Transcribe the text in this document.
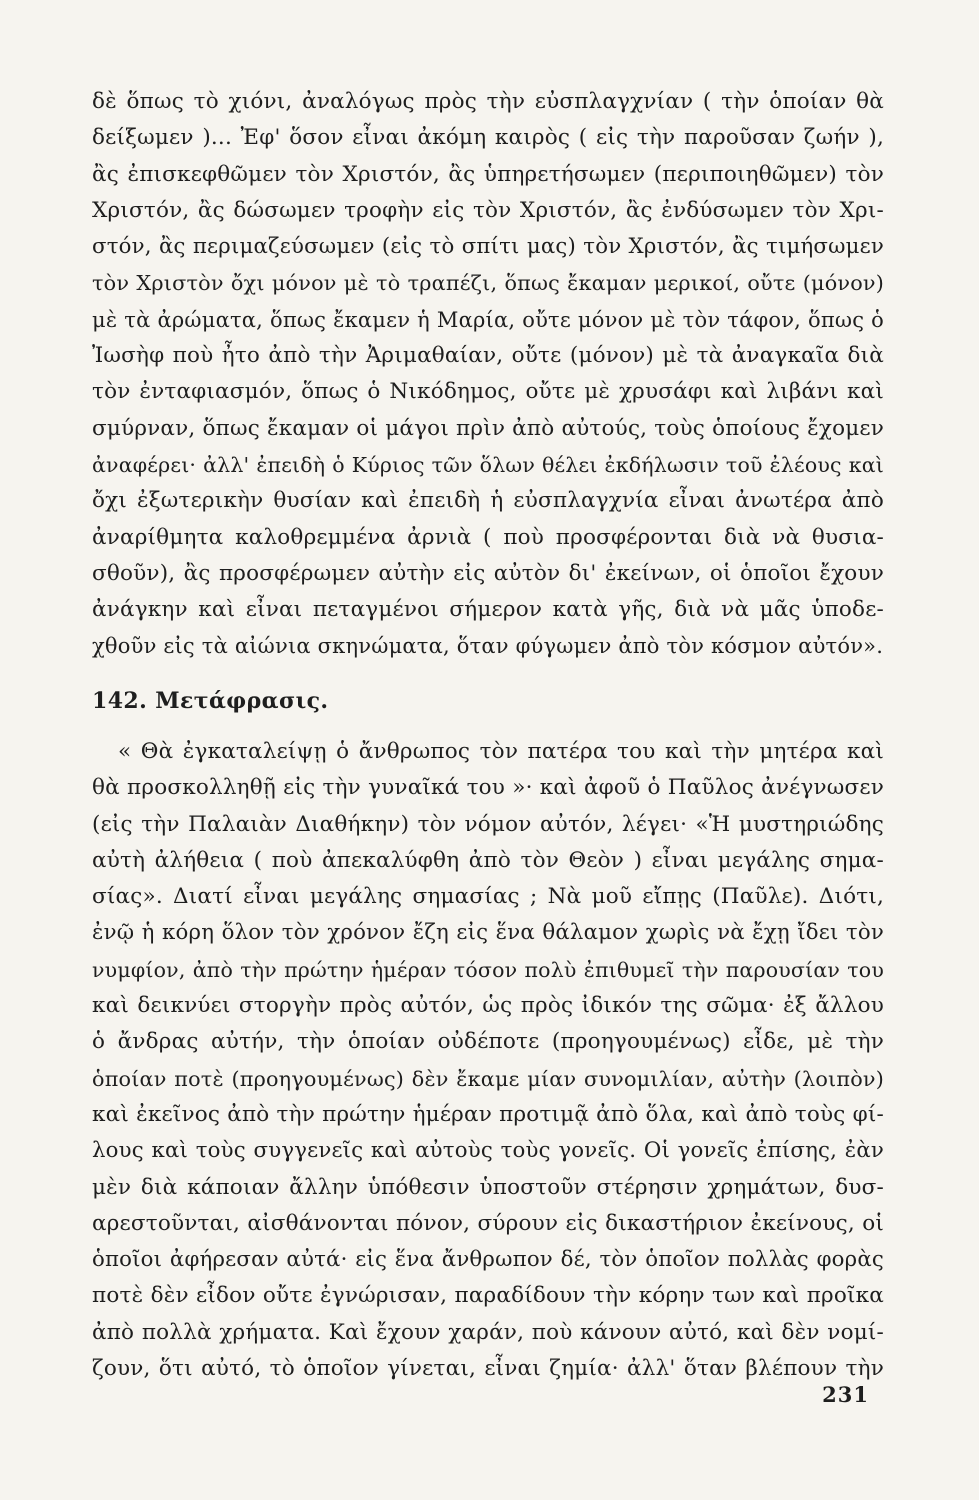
δὲ ὅπως τὸ χιόνι, ἀναλόγως πρὸς τὴν εὐσπλαγχνίαν ( τὴν ὁποίαν θὰ
δείξωμεν )... Ἐφ' ὅσον εἶναι ἀκόμη καιρὸς ( εἰς τὴν παροῦσαν ζωήν ),
ἂς ἐπισκεφθῶμεν τὸν Χριστόν, ἂς ὑπηρετήσωμεν (περιποιηθῶμεν) τὸν
Χριστόν, ἂς δώσωμεν τροφὴν εἰς τὸν Χριστόν, ἂς ἐνδύσωμεν τὸν Χρι-
στόν, ἂς περιμαζεύσωμεν (εἰς τὸ σπίτι μας) τὸν Χριστόν, ἂς τιμήσωμεν
τὸν Χριστὸν ὄχι μόνον μὲ τὸ τραπέζι, ὅπως ἔκαμαν μερικοί, οὔτε (μόνον)
μὲ τὰ ἀρώματα, ὅπως ἔκαμεν ἡ Μαρία, οὔτε μόνον μὲ τὸν τάφον, ὅπως ὁ
Ἰωσὴφ ποὺ ἦτο ἀπὸ τὴν Ἀριμαθαίαν, οὔτε (μόνον) μὲ τὰ ἀναγκαῖα διὰ
τὸν ἐνταφιασμόν, ὅπως ὁ Νικόδημος, οὔτε μὲ χρυσάφι καὶ λιβάνι καὶ
σμύρναν, ὅπως ἔκαμαν οἱ μάγοι πρὶν ἀπὸ αὐτούς, τοὺς ὁποίους ἔχομεν
ἀναφέρει· ἀλλ' ἐπειδὴ ὁ Κύριος τῶν ὅλων θέλει ἐκδήλωσιν τοῦ ἐλέους καὶ
ὄχι ἐξωτερικὴν θυσίαν καὶ ἐπειδὴ ἡ εὐσπλαγχνία εἶναι ἀνωτέρα ἀπὸ
ἀναρίθμητα καλοθρεμμένα ἀρνιὰ ( ποὺ προσφέρονται διὰ νὰ θυσια-
σθοῦν), ἂς προσφέρωμεν αὐτὴν εἰς αὐτὸν δι' ἐκείνων, οἱ ὁποῖοι ἔχουν
ἀνάγκην καὶ εἶναι πεταγμένοι σήμερον κατὰ γῆς, διὰ νὰ μᾶς ὑποδε-
χθοῦν εἰς τὰ αἰώνια σκηνώματα, ὅταν φύγωμεν ἀπὸ τὸν κόσμον αὐτόν».
142. Μετάφρασις.
« Θὰ ἐγκαταλείψῃ ὁ ἄνθρωπος τὸν πατέρα του καὶ τὴν μητέρα καὶ
θὰ προσκολληθῇ εἰς τὴν γυναῖκά του »· καὶ ἀφοῦ ὁ Παῦλος ἀνέγνωσεν
(εἰς τὴν Παλαιὰν Διαθήκην) τὸν νόμον αὐτόν, λέγει· «Ἡ μυστηριώδης
αὐτὴ ἀλήθεια ( ποὺ ἀπεκαλύφθη ἀπὸ τὸν Θεὸν ) εἶναι μεγάλης σημα-
σίας». Διατί εἶναι μεγάλης σημασίας ; Νὰ μοῦ εἴπῃς (Παῦλε). Διότι,
ἐνῷ ἡ κόρη ὅλον τὸν χρόνον ἔζη εἰς ἕνα θάλαμον χωρὶς νὰ ἔχῃ ἴδει τὸν
νυμφίον, ἀπὸ τὴν πρώτην ἡμέραν τόσον πολὺ ἐπιθυμεῖ τὴν παρουσίαν του
καὶ δεικνύει στοργὴν πρὸς αὐτόν, ὡς πρὸς ἰδικόν της σῶμα· ἐξ ἄλλου
ὁ ἄνδρας αὐτήν, τὴν ὁποίαν οὐδέποτε (προηγουμένως) εἶδε, μὲ τὴν
ὁποίαν ποτὲ (προηγουμένως) δὲν ἔκαμε μίαν συνομιλίαν, αὐτὴν (λοιπὸν)
καὶ ἐκεῖνος ἀπὸ τὴν πρώτην ἡμέραν προτιμᾷ ἀπὸ ὅλα, καὶ ἀπὸ τοὺς φί-
λους καὶ τοὺς συγγενεῖς καὶ αὐτοὺς τοὺς γονεῖς. Οἱ γονεῖς ἐπίσης, ἐὰν
μὲν διὰ κάποιαν ἄλλην ὑπόθεσιν ὑποστοῦν στέρησιν χρημάτων, δυσ-
αρεστοῦνται, αἰσθάνονται πόνον, σύρουν εἰς δικαστήριον ἐκείνους, οἱ
ὁποῖοι ἀφήρεσαν αὐτά· εἰς ἕνα ἄνθρωπον δέ, τὸν ὁποῖον πολλὰς φορὰς
ποτὲ δὲν εἶδον οὔτε ἐγνώρισαν, παραδίδουν τὴν κόρην των καὶ προῖκα
ἀπὸ πολλὰ χρήματα. Καὶ ἔχουν χαράν, ποὺ κάνουν αὐτό, καὶ δὲν νομί-
ζουν, ὅτι αὐτό, τὸ ὁποῖον γίνεται, εἶναι ζημία· ἀλλ' ὅταν βλέπουν τὴν
231
